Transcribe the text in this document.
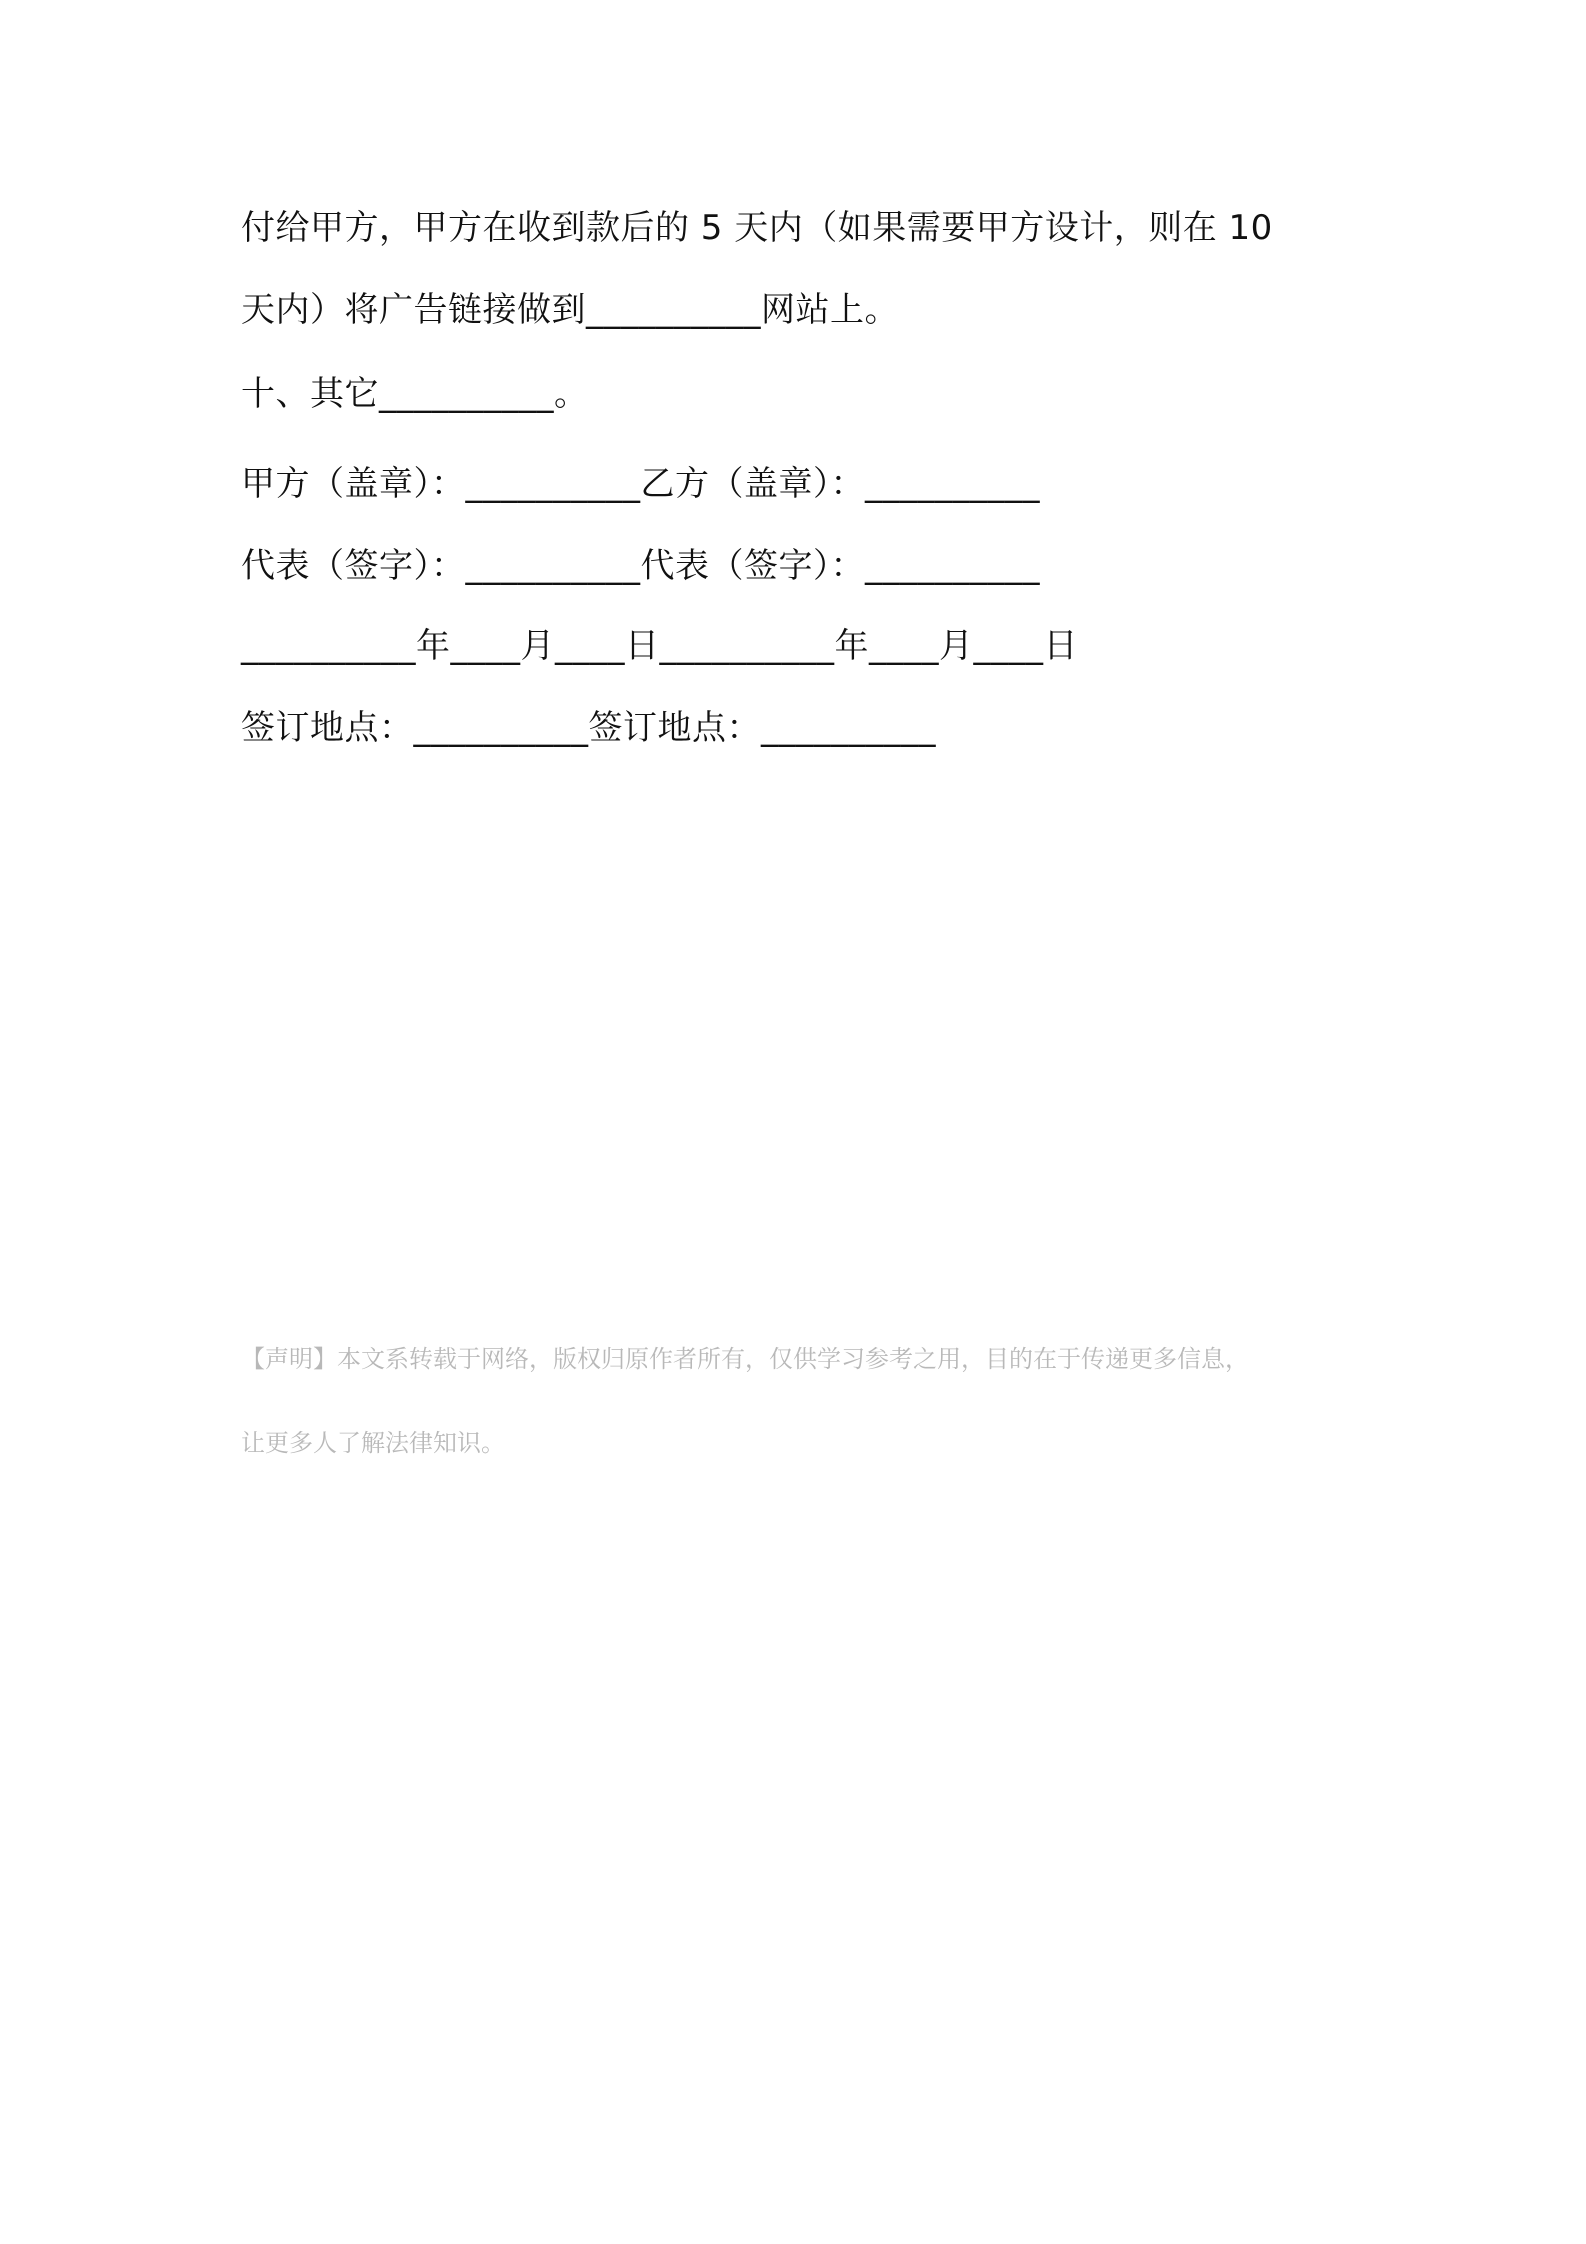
付给甲方，甲方在收到款后的 5 天内（如果需要甲方设计，则在 10
天内）将广告链接做到__________网站上。
十、其它__________。
甲方（盖章）：__________乙方（盖章）：__________
代表（签字）：__________代表（签字）：__________
__________年____月____日__________年____月____日
签订地点：__________签订地点：__________
【声明】本文系转载于网络，版权归原作者所有，仅供学习参考之用，目的在于传递更多信息，
让更多人了解法律知识。
